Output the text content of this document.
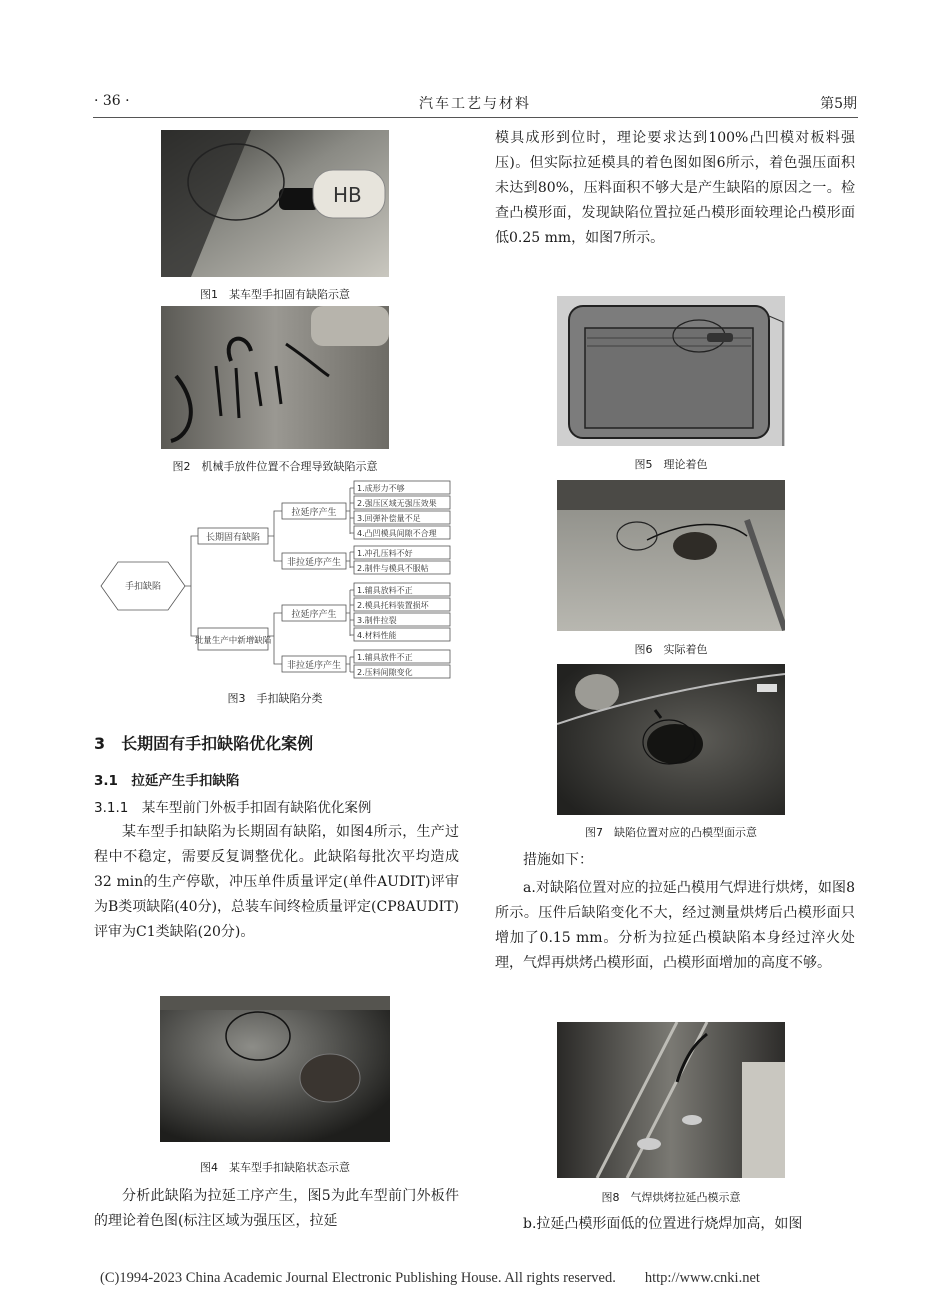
· 36 ·	汽车工艺与材料	第5期
HB
图1　某车型手扣固有缺陷示意
图2　机械手放件位置不合理导致缺陷示意
手扣缺陷
长期固有缺陷
批量生产中新增缺陷
拉延序产生
非拉延序产生
拉延序产生
非拉延序产生
1.成形力不够
2.强压区域无强压效果
3.回弹补偿量不足
4.凸凹模具间隙不合理
1.冲孔压料不好
2.制件与模具不服帖
1.辅具放料不正
2.模具托料装置损坏
3.制件拉裂
4.材料性能
1.辅具放件不正
2.压料间隙变化
图3　手扣缺陷分类
3　长期固有手扣缺陷优化案例
3.1　拉延产生手扣缺陷
3.1.1　某车型前门外板手扣固有缺陷优化案例
某车型手扣缺陷为长期固有缺陷，如图4所示，生产过程中不稳定，需要反复调整优化。此缺陷每批次平均造成32 min的生产停歇，冲压单件质量评定(单件AUDIT)评审为B类项缺陷(40分)，总装车间终检质量评定(CP8AUDIT)评审为C1类缺陷(20分)。
图4　某车型手扣缺陷状态示意
分析此缺陷为拉延工序产生，图5为此车型前门外板件的理论着色图(标注区域为强压区，拉延
模具成形到位时，理论要求达到100%凸凹模对板料强压)。但实际拉延模具的着色图如图6所示，着色强压面积未达到80%，压料面积不够大是产生缺陷的原因之一。检查凸模形面，发现缺陷位置拉延凸模形面较理论凸模形面低0.25 mm，如图7所示。
图5　理论着色
图6　实际着色
图7　缺陷位置对应的凸模型面示意
措施如下：
a.对缺陷位置对应的拉延凸模用气焊进行烘烤，如图8所示。压件后缺陷变化不大，经过测量烘烤后凸模形面只增加了0.15 mm。分析为拉延凸模缺陷本身经过淬火处理，气焊再烘烤凸模形面，凸模形面增加的高度不够。
图8　气焊烘烤拉延凸模示意
b.拉延凸模形面低的位置进行烧焊加高，如图
(C)1994-2023 China Academic Journal Electronic Publishing House. All rights reserved.　　http://www.cnki.net
